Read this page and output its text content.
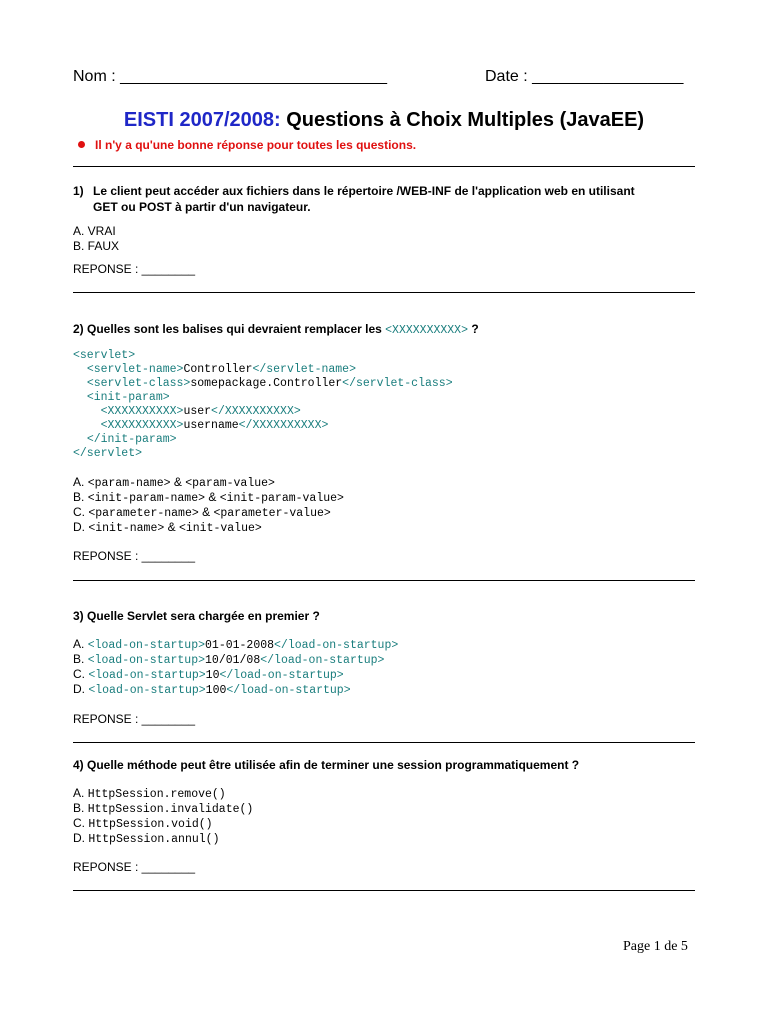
Nom : ______________________________	Date : _________________
EISTI 2007/2008: Questions à Choix Multiples (JavaEE)
Il n'y a qu'une bonne réponse pour toutes les questions.
1) Le client peut accéder aux fichiers dans le répertoire /WEB-INF de l'application web en utilisant
GET ou POST à partir d'un navigateur.
A. VRAI
B. FAUX
REPONSE : ________
2) Quelles sont les balises qui devraient remplacer les <XXXXXXXXXX> ?
<servlet>
<servlet-name>Controller</servlet-name>
<servlet-class>somepackage.Controller</servlet-class>
<init-param>
<XXXXXXXXXX>user</XXXXXXXXXX>
<XXXXXXXXXX>username</XXXXXXXXXX>
</init-param>
</servlet>
A. <param-name> & <param-value>
B. <init-param-name> & <init-param-value>
C. <parameter-name> & <parameter-value>
D. <init-name> & <init-value>
REPONSE : ________
3) Quelle Servlet sera chargée en premier ?
A. <load-on-startup>01-01-2008</load-on-startup>
B. <load-on-startup>10/01/08</load-on-startup>
C. <load-on-startup>10</load-on-startup>
D. <load-on-startup>100</load-on-startup>
REPONSE : ________
4) Quelle méthode peut être utilisée afin de terminer une session programmatiquement ?
A. HttpSession.remove()
B. HttpSession.invalidate()
C. HttpSession.void()
D. HttpSession.annul()
REPONSE : ________
Page 1 de 5
